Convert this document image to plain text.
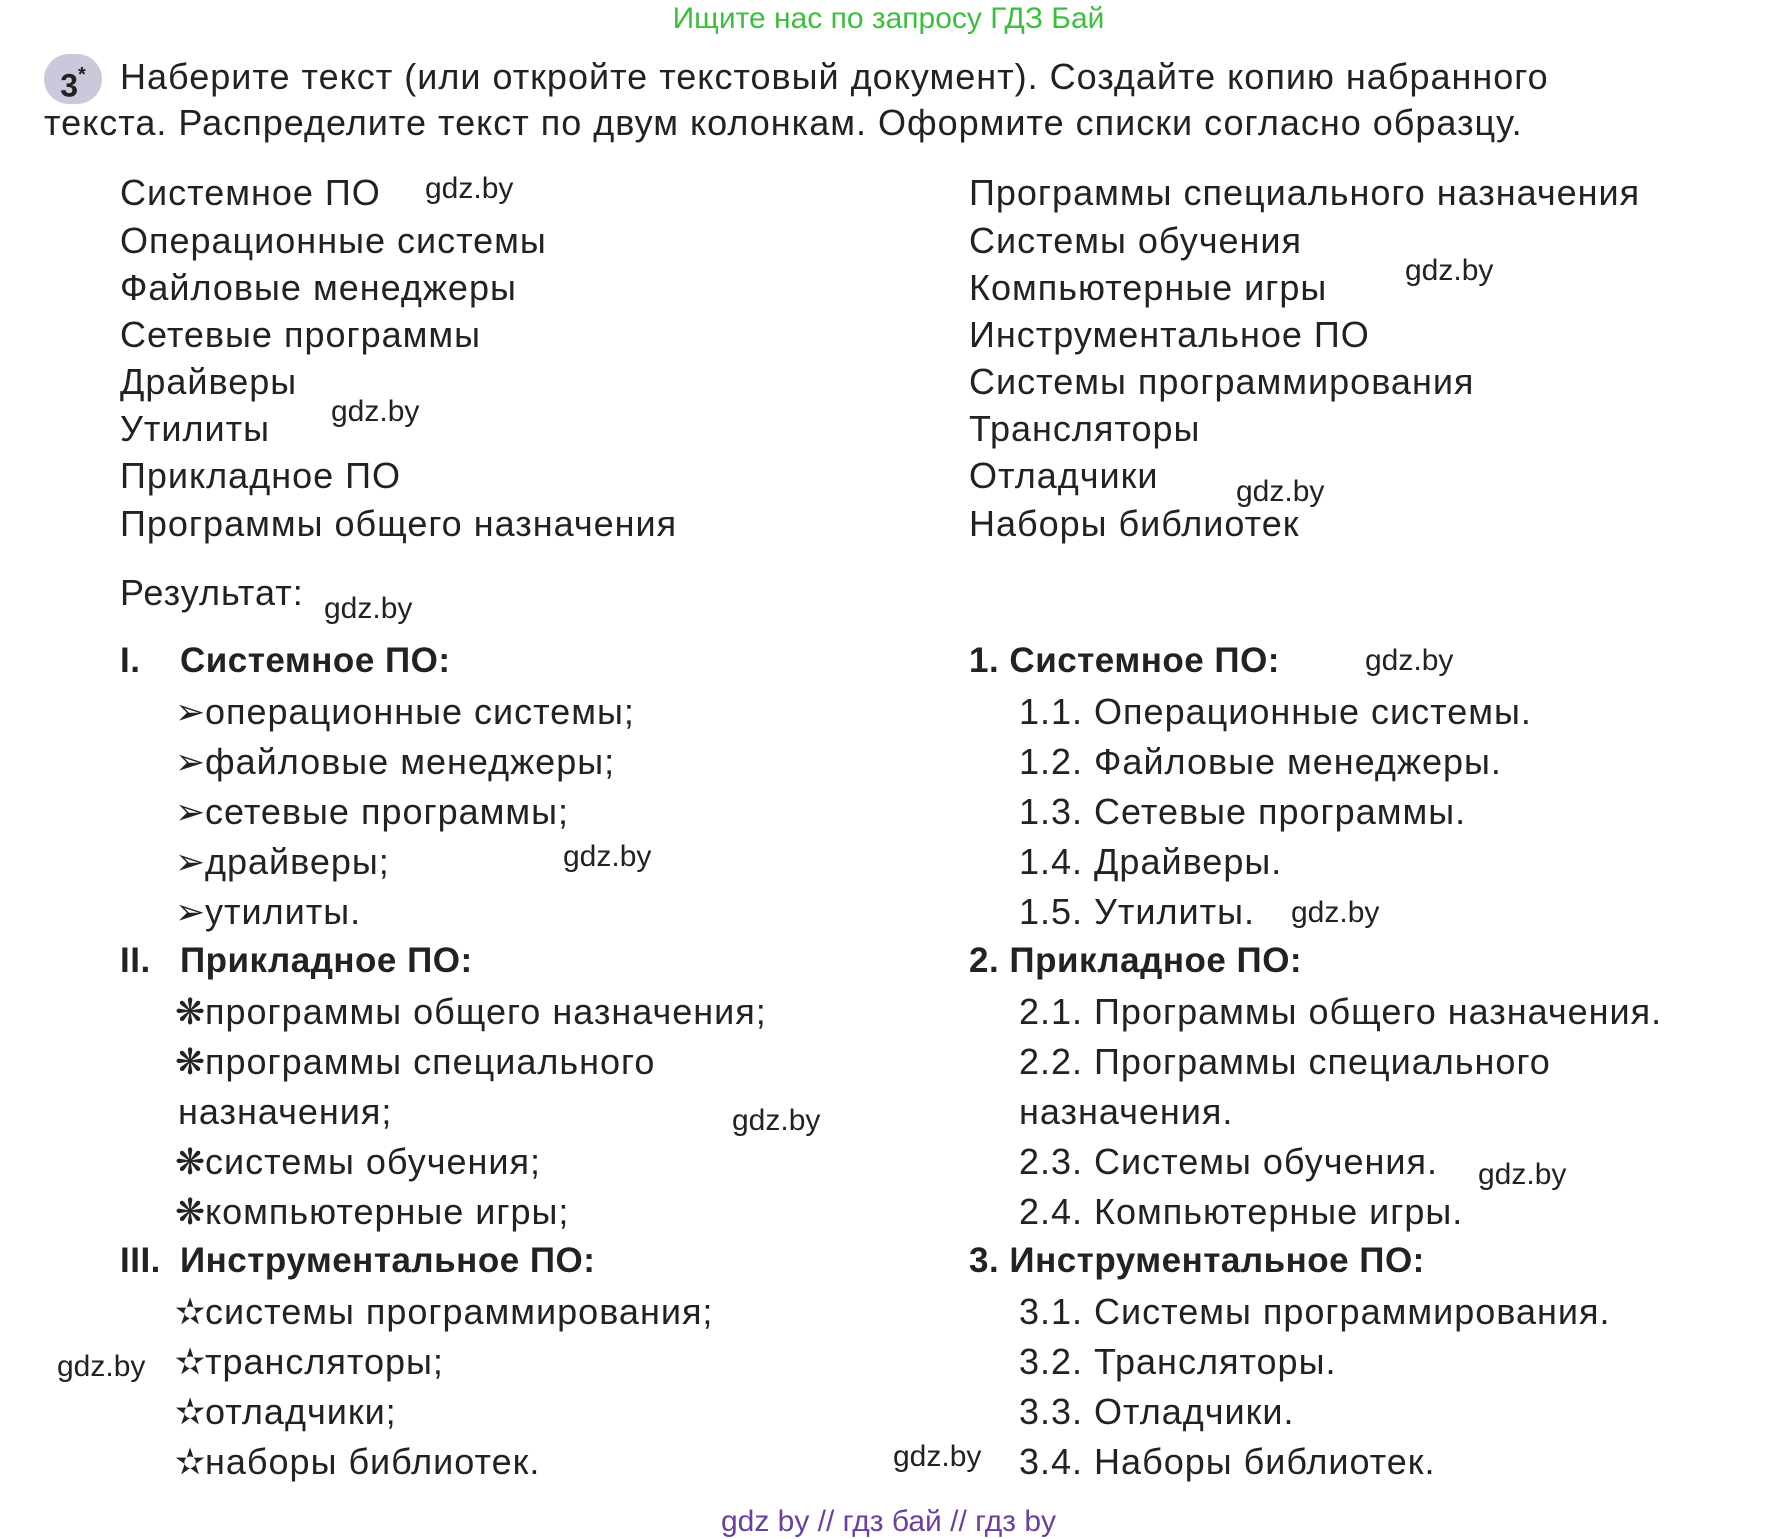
Ищите нас по запросу ГДЗ Бай
3* Наберите текст (или откройте текстовый документ). Создайте копию набранного
текста. Распределите текст по двум колонкам. Оформите списки согласно образцу.
Системное ПО
Операционные системы
Файловые менеджеры
Сетевые программы
Драйверы
Утилиты
Прикладное ПО
Программы общего назначения
Программы специального назначения
Системы обучения
Компьютерные игры
Инструментальное ПО
Системы программирования
Трансляторы
Отладчики
Наборы библиотек
Результат:
I. Системное ПО:
➢операционные системы;
➢файловые менеджеры;
➢сетевые программы;
➢драйверы;
➢утилиты.
II. Прикладное ПО:
❋программы общего назначения;
❋программы специального
назначения;
❋системы обучения;
❋компьютерные игры;
III. Инструментальное ПО:
✫системы программирования;
✫трансляторы;
✫отладчики;
✫наборы библиотек.
1. Системное ПО:
1.1. Операционные системы.
1.2. Файловые менеджеры.
1.3. Сетевые программы.
1.4. Драйверы.
1.5. Утилиты.
2. Прикладное ПО:
2.1. Программы общего назначения.
2.2. Программы специального
назначения.
2.3. Системы обучения.
2.4. Компьютерные игры.
3. Инструментальное ПО:
3.1. Системы программирования.
3.2. Трансляторы.
3.3. Отладчики.
3.4. Наборы библиотек.
gdz.by
gdz.by
gdz.by
gdz.by
gdz.by
gdz.by
gdz.by
gdz.by
gdz.by
gdz.by
gdz.by
gdz.by
gdz by // гдз бай // гдз by
